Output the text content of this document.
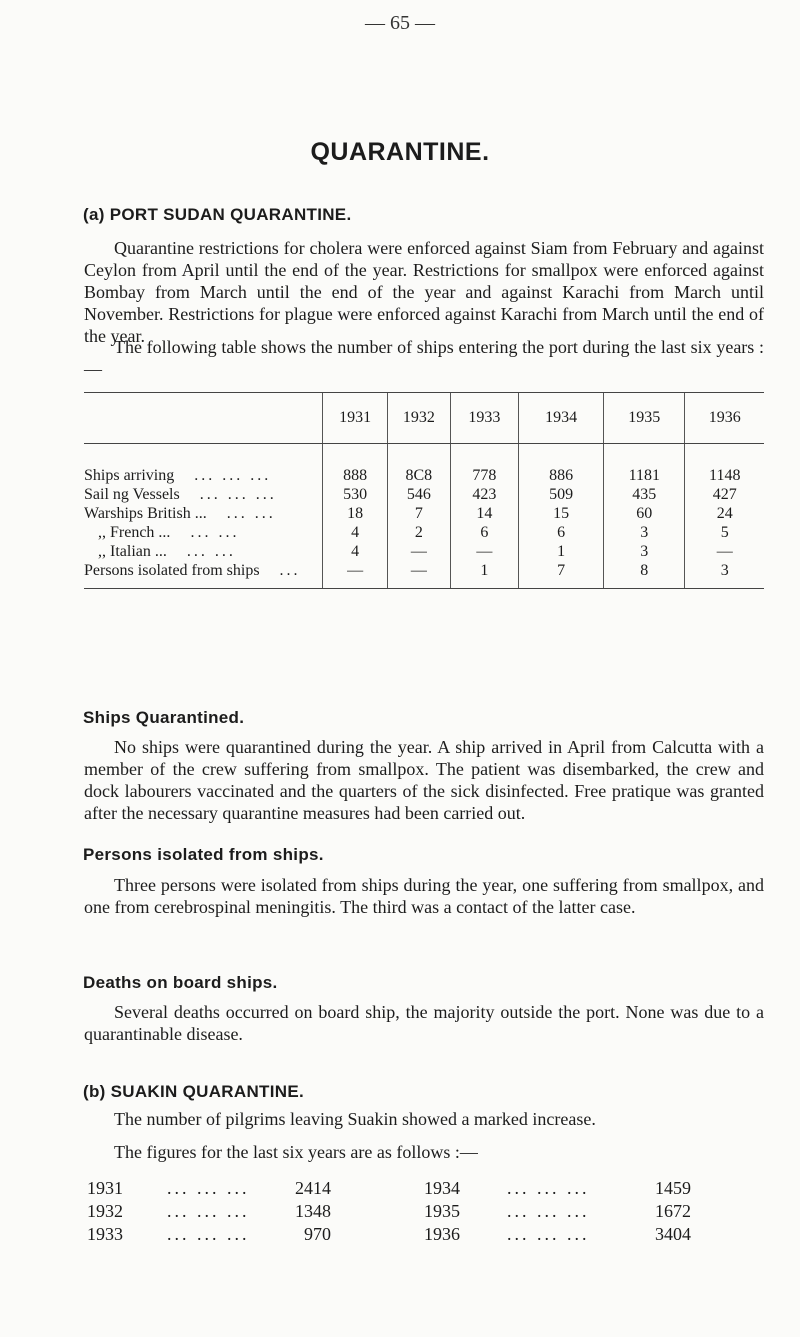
— 65 —
QUARANTINE.
(a) PORT SUDAN QUARANTINE.

Quarantine restrictions for cholera were enforced against Siam from February and against Ceylon from April until the end of the year. Restrictions for smallpox were enforced against Bombay from March until the end of the year and against Karachi from March until November. Restrictions for plague were enforced against Karachi from March until the end of the year.

The following table shows the number of ships entering the port during the last six years :—

	1931	1932	1933	1934	1935	1936

Ships arriving ... ... ...	888	8C8	778	886	1181	1148
Sail ng Vessels ... ... ...	530	546	423	509	435	427
Warships British ... ... ...	18	7	14	15	60	24
,, French ... ... ...	4	2	6	6	3	5
,, Italian ... ... ...	4	—	—	1	3	—
Persons isolated from ships ...	—	—	1	7	8	3

Ships Quarantined.

No ships were quarantined during the year. A ship arrived in April from Calcutta with a member of the crew suffering from smallpox. The patient was disembarked, the crew and dock labourers vaccinated and the quarters of the sick disinfected. Free pratique was granted after the necessary quarantine measures had been carried out.

Persons isolated from ships.

Three persons were isolated from ships during the year, one suffering from smallpox, and one from cerebrospinal meningitis. The third was a contact of the latter case.

Deaths on board ships.

Several deaths occurred on board ship, the majority outside the port. None was due to a quarantinable disease.

(b) SUAKIN QUARANTINE.

The number of pilgrims leaving Suakin showed a marked increase.

The figures for the last six years are as follows :—

1931 ... ... ...	2414	1934	... ... ...	1459
1932 ... ... ...	1348	1935	... ... ...	1672
1933 ... ... ...	970	1936	... ... ...	3404
